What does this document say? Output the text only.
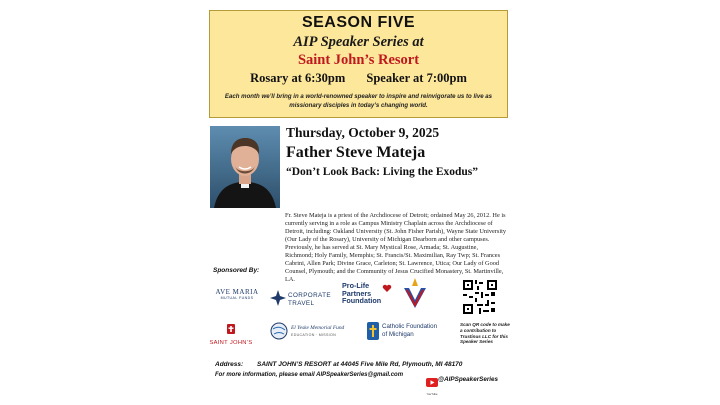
SEASON FIVE
AIP Speaker Series at
Saint John’s Resort
Rosary at 6:30pm Speaker at 7:00pm
Each month we’ll bring in a world-renowned speaker to inspire and reinvigorate us to live as missionary disciples in today’s changing world.
Thursday, October 9, 2025
Father Steve Mateja
“Don’t Look Back: Living the Exodus”
Fr. Steve Mateja is a priest of the Archdiocese of Detroit; ordained May 26, 2012. He is currently serving in a role as Campus Ministry Chaplain across the Archdiocese of Detroit, including: Oakland University (St. John Fisher Parish), Wayne State University (Our Lady of the Rosary), University of Michigan Dearborn and other campuses. Previously, he has served at St. Mary Mystical Rose, Armada; St. Augustine, Richmond; Holy Family, Memphis; St. Francis/St. Maximilian, Ray Twp; St. Frances Cabrini, Allen Park; Divine Grace, Carleton; St. Lawrence, Utica; Our Lady of Good Counsel, Plymouth; and the Community of Jesus Crucified Monastery, St. Martinville, LA.
Sponsored By:
AVE MARIA
MUTUAL FUNDS	CORPORATE
TRAVEL
Pro-Life
Partners
Foundation
SAINT JOHN’S
El Yeske Memorial Fund
EDUCATION · MISSION
Catholic Foundation
of Michigan
Scan QR code to make a contribution to Trustinus LLC for this Speaker Series
Address: SAINT JOHN’S RESORT at 44045 Five Mile Rd, Plymouth, MI 48170
For more information, please email AIPSpeakerSeries@gmail.com
YouTube
@AIPSpeakerSeries
